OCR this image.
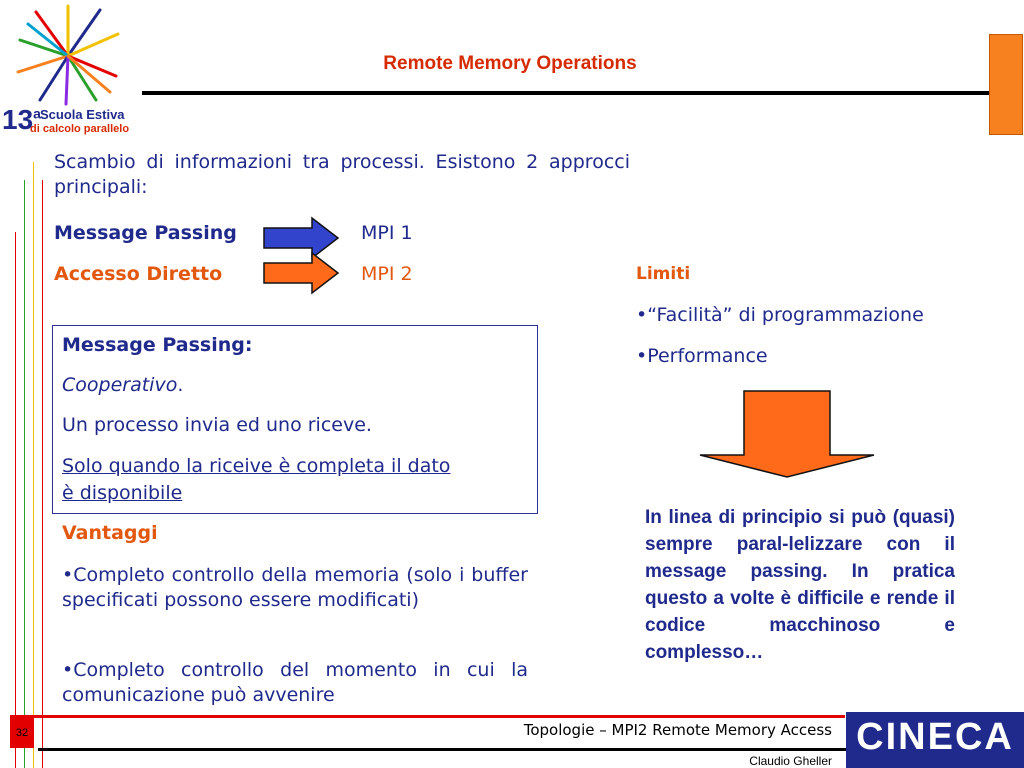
13$^a$ Scuola Estiva
di calcolo parallelo
Remote Memory Operations
Scambio di informazioni tra processi. Esistono 2 approcci principali:
Message Passing	MPI 1
Accesso Diretto	MPI 2
Message Passing:
Cooperativo.
Un processo invia ed uno riceve.
Solo quando la riceive è completa il dato
è disponibile
Vantaggi
•Completo controllo della memoria (solo i buffer specificati possono essere modificati)
•Completo controllo del momento in cui la comunicazione può avvenire
Limiti
•“Facilità” di programmazione
•Performance
In linea di principio si può (quasi) sempre paral-lelizzare con il message passing. In pratica questo a volte è difficile e rende il codice macchinoso e complesso…
32	Topologie – MPI2 Remote Memory Access
Claudio Gheller
CINECA
